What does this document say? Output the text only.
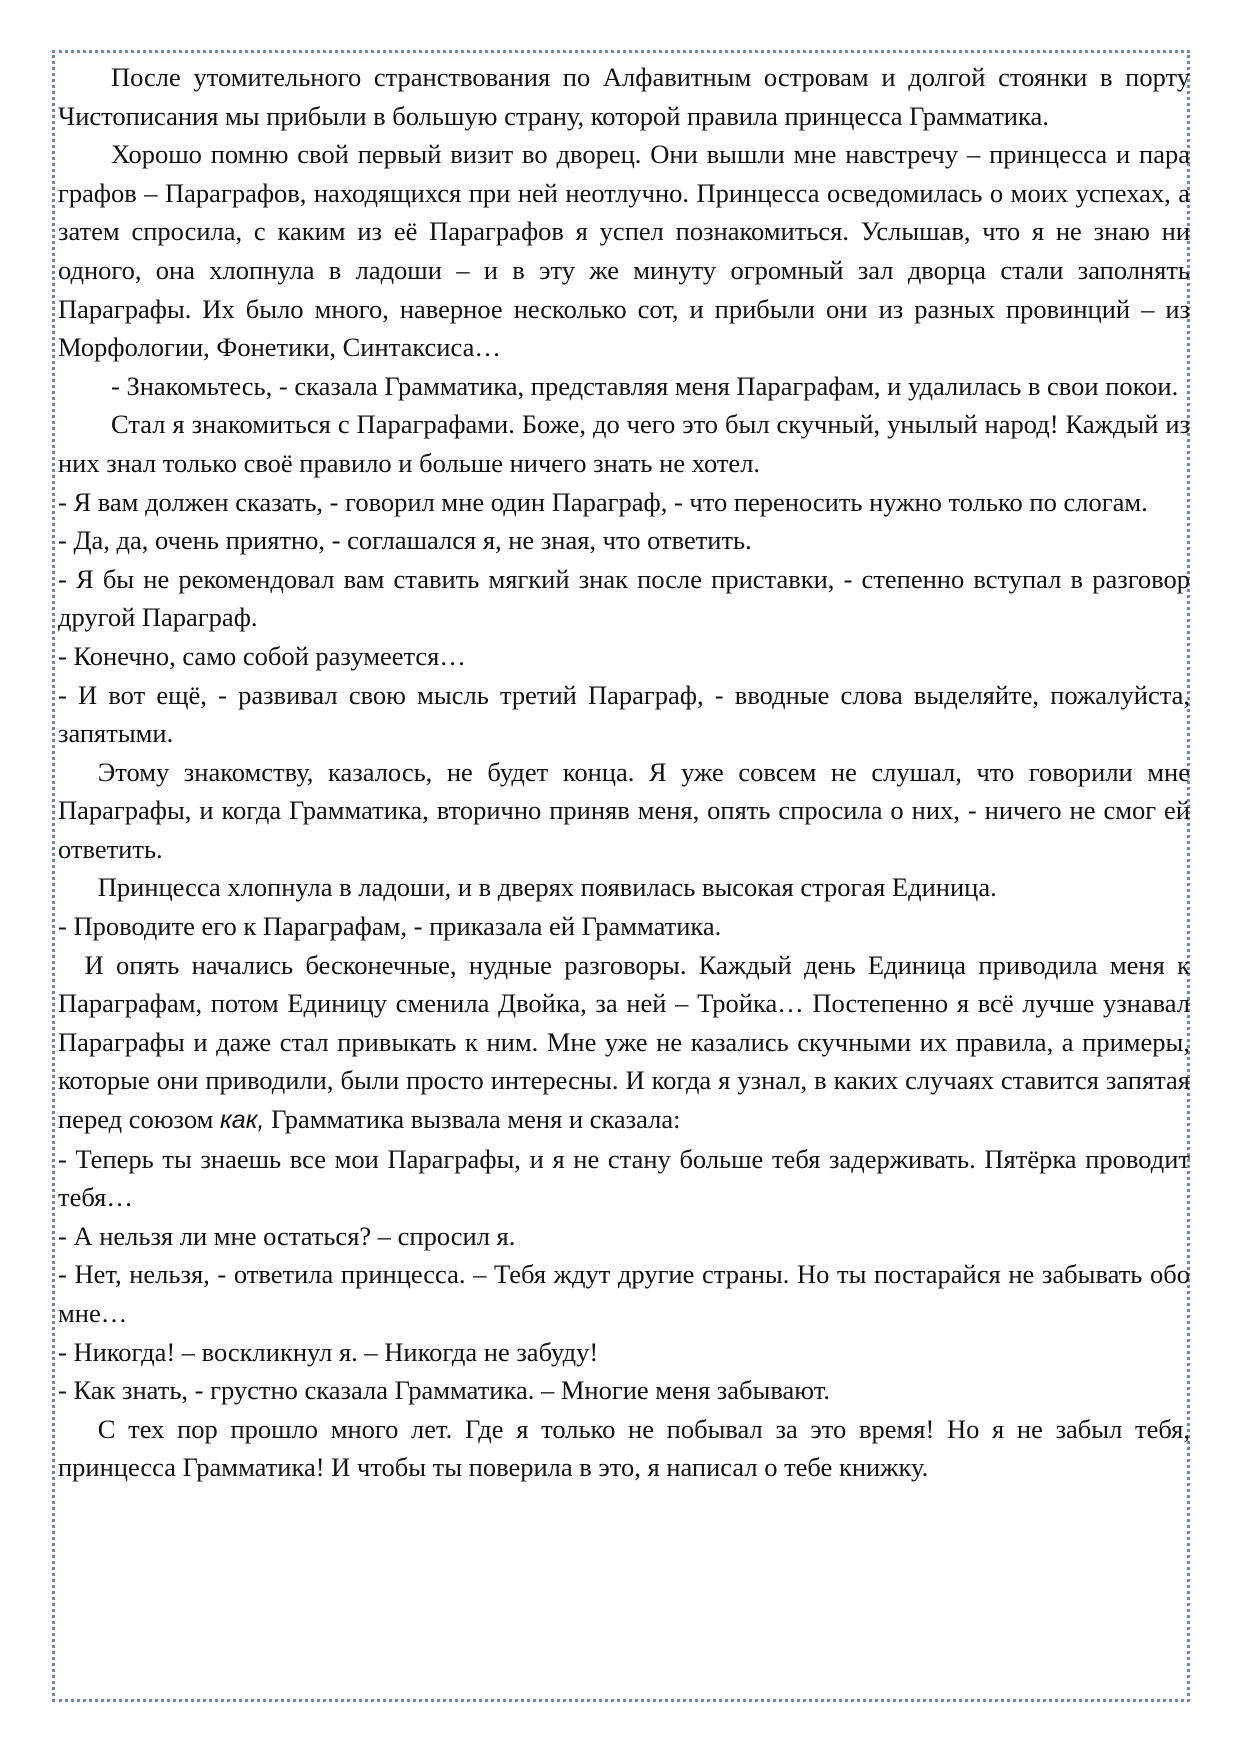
После утомительного странствования по Алфавитным островам и долгой стоянки в порту Чистописания мы прибыли в большую страну, которой правила принцесса Грамматика.

Хорошо помню свой первый визит во дворец. Они вышли мне навстречу – принцесса и пара графов – Параграфов, находящихся при ней неотлучно. Принцесса осведомилась о моих успехах, а затем спросила, с каким из её Параграфов я успел познакомиться. Услышав, что я не знаю ни одного, она хлопнула в ладоши – и в эту же минуту огромный зал дворца стали заполнять Параграфы. Их было много, наверное несколько сот, и прибыли они из разных провинций – из Морфологии, Фонетики, Синтаксиса…

- Знакомьтесь, - сказала Грамматика, представляя меня Параграфам, и удалилась в свои покои.

Стал я знакомиться с Параграфами. Боже, до чего это был скучный, унылый народ! Каждый из них знал только своё правило и больше ничего знать не хотел.

- Я вам должен сказать, - говорил мне один Параграф, - что переносить нужно только по слогам.

- Да, да, очень приятно, - соглашался я, не зная, что ответить.

- Я бы не рекомендовал вам ставить мягкий знак после приставки, - степенно вступал в разговор другой Параграф.

- Конечно, само собой разумеется…

- И вот ещё, - развивал свою мысль третий Параграф, - вводные слова выделяйте, пожалуйста, запятыми.

Этому знакомству, казалось, не будет конца. Я уже совсем не слушал, что говорили мне Параграфы, и когда Грамматика, вторично приняв меня, опять спросила о них, - ничего не смог ей ответить.

Принцесса хлопнула в ладоши, и в дверях появилась высокая строгая Единица.

- Проводите его к Параграфам, - приказала ей Грамматика.

И опять начались бесконечные, нудные разговоры. Каждый день Единица приводила меня к Параграфам, потом Единицу сменила Двойка, за ней – Тройка… Постепенно я всё лучше узнавал Параграфы и даже стал привыкать к ним. Мне уже не казались скучными их правила, а примеры, которые они приводили, были просто интересны. И когда я узнал, в каких случаях ставится запятая перед союзом как, Грамматика вызвала меня и сказала:

- Теперь ты знаешь все мои Параграфы, и я не стану больше тебя задерживать. Пятёрка проводит тебя…

- А нельзя ли мне остаться? – спросил я.

- Нет, нельзя, - ответила принцесса. – Тебя ждут другие страны. Но ты постарайся не забывать обо мне…

- Никогда! – воскликнул я. – Никогда не забуду!

- Как знать, - грустно сказала Грамматика. – Многие меня забывают.

С тех пор прошло много лет. Где я только не побывал за это время! Но я не забыл тебя, принцесса Грамматика! И чтобы ты поверила в это, я написал о тебе книжку.
